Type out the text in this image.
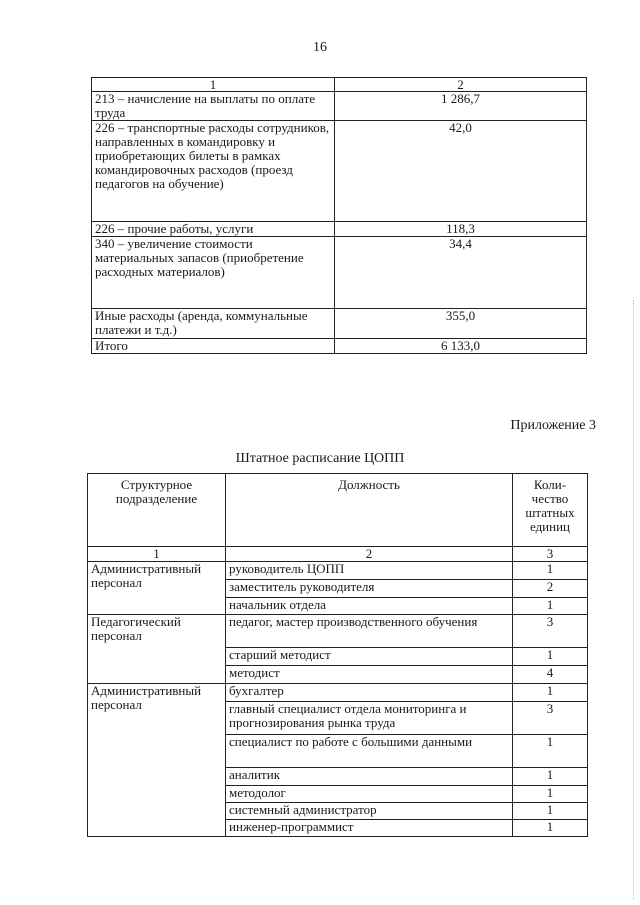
16
1	2
213 – начисление на выплаты по оплате труда	1 286,7
226 – транспортные расходы сотрудников, направленных в командировку и приобретающих билеты в рамках командировочных расходов (проезд педагогов на обучение)	42,0
226 – прочие работы, услуги	118,3
340 – увеличение стоимости материальных запасов (приобретение расходных материалов)	34,4
Иные расходы (аренда, коммунальные платежи и т.д.)	355,0
Итого	6 133,0
Приложение 3
Штатное расписание ЦОПП
Структурное подразделение	Должность	Коли-чество штатных единиц
1	2	3
Административный персонал	руководитель ЦОПП	1
	заместитель руководителя	2
	начальник отдела	1
Педагогический персонал	педагог, мастер производственного обучения	3
	старший методист	1
	методист	4
Административный персонал	бухгалтер	1
	главный специалист отдела мониторинга и прогнозирования рынка труда	3
	специалист по работе с большими данными	1
	аналитик	1
	методолог	1
	системный администратор	1
	инженер-программист	1
